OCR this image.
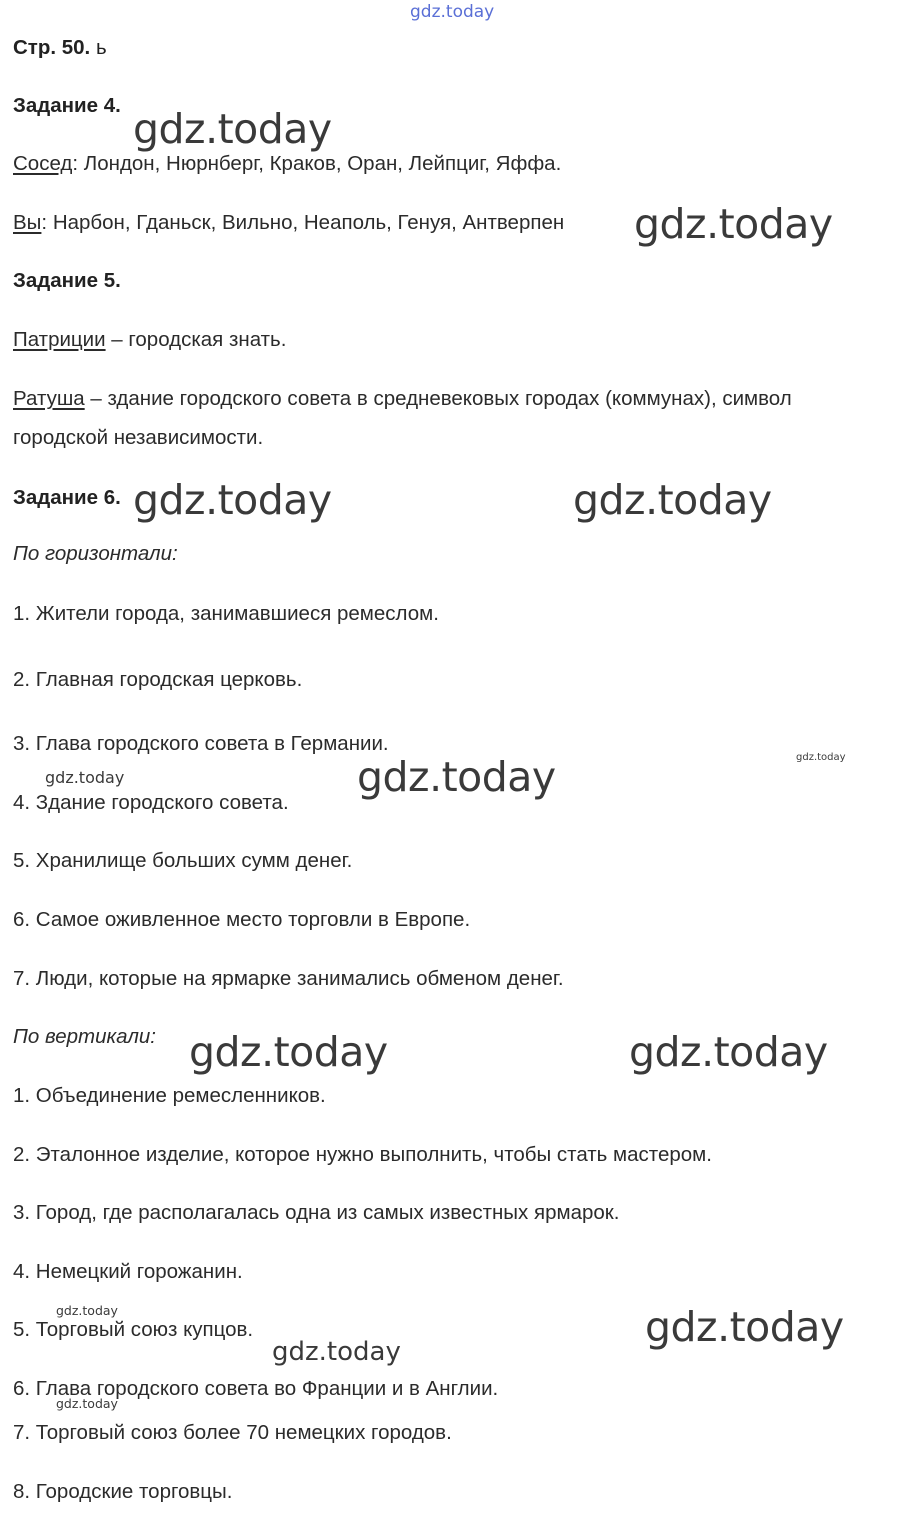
Стр. 50. ь
Задание 4.
Сосед: Лондон, Нюрнберг, Краков, Оран, Лейпциг, Яффа.
Вы: Нарбон, Гданьск, Вильно, Неаполь, Генуя, Антверпен
Задание 5.
Патриции – городская знать.
Ратуша – здание городского совета в средневековых городах (коммунах), символ
городской независимости.
Задание 6.
По горизонтали:
1. Жители города, занимавшиеся ремеслом.
2. Главная городская церковь.
3. Глава городского совета в Германии.
4. Здание городского совета.
5. Хранилище больших сумм денег.
6. Самое оживленное место торговли в Европе.
7. Люди, которые на ярмарке занимались обменом денег.
По вертикали:
1. Объединение ремесленников.
2. Эталонное изделие, которое нужно выполнить, чтобы стать мастером.
3. Город, где располагалась одна из самых известных ярмарок.
4. Немецкий горожанин.
5. Торговый союз купцов.
6. Глава городского совета во Франции и в Англии.
7. Торговый союз более 70 немецких городов.
8. Городские торговцы.
gdz.today
gdz.today
gdz.today
gdz.today	gdz.today
gdz.today
gdz.today
gdz.today
gdz.today	gdz.today
gdz.today	gdz.today
gdz.today
gdz.today
